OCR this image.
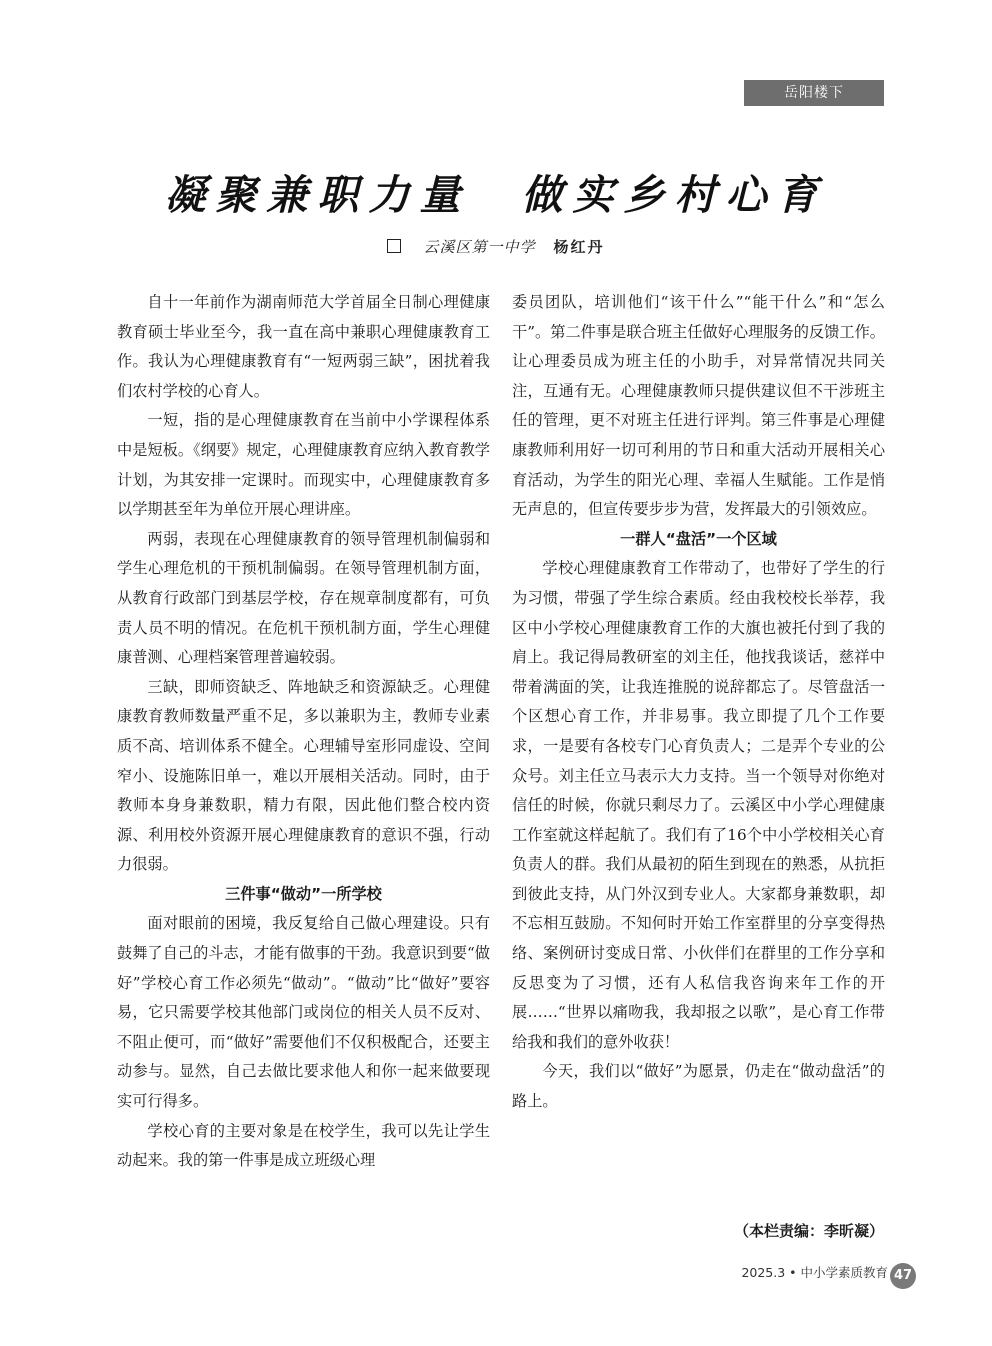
岳阳楼下
凝聚兼职力量　做实乡村心育
云溪区第一中学 杨红丹

自十一年前作为湖南师范大学首届全日制心理健康教育硕士毕业至今，我一直在高中兼职心理健康教育工作。我认为心理健康教育有“一短两弱三缺”，困扰着我们农村学校的心育人。

一短，指的是心理健康教育在当前中小学课程体系中是短板。《纲要》规定，心理健康教育应纳入教育教学计划，为其安排一定课时。而现实中，心理健康教育多以学期甚至年为单位开展心理讲座。

两弱，表现在心理健康教育的领导管理机制偏弱和学生心理危机的干预机制偏弱。在领导管理机制方面，从教育行政部门到基层学校，存在规章制度都有，可负责人员不明的情况。在危机干预机制方面，学生心理健康普测、心理档案管理普遍较弱。

三缺，即师资缺乏、阵地缺乏和资源缺乏。心理健康教育教师数量严重不足，多以兼职为主，教师专业素质不高、培训体系不健全。心理辅导室形同虚设、空间窄小、设施陈旧单一，难以开展相关活动。同时，由于教师本身身兼数职，精力有限，因此他们整合校内资源、利用校外资源开展心理健康教育的意识不强，行动力很弱。

三件事“做动”一所学校

面对眼前的困境，我反复给自己做心理建设。只有鼓舞了自己的斗志，才能有做事的干劲。我意识到要“做好”学校心育工作必须先“做动”。“做动”比“做好”要容易，它只需要学校其他部门或岗位的相关人员不反对、不阻止便可，而“做好”需要他们不仅积极配合，还要主动参与。显然，自己去做比要求他人和你一起来做要现实可行得多。

学校心育的主要对象是在校学生，我可以先让学生动起来。我的第一件事是成立班级心理

委员团队，培训他们“该干什么”“能干什么”和“怎么干”。第二件事是联合班主任做好心理服务的反馈工作。让心理委员成为班主任的小助手，对异常情况共同关注，互通有无。心理健康教师只提供建议但不干涉班主任的管理，更不对班主任进行评判。第三件事是心理健康教师利用好一切可利用的节日和重大活动开展相关心育活动，为学生的阳光心理、幸福人生赋能。工作是悄无声息的，但宣传要步步为营，发挥最大的引领效应。

一群人“盘活”一个区域

学校心理健康教育工作带动了，也带好了学生的行为习惯，带强了学生综合素质。经由我校校长举荐，我区中小学校心理健康教育工作的大旗也被托付到了我的肩上。我记得局教研室的刘主任，他找我谈话，慈祥中带着满面的笑，让我连推脱的说辞都忘了。尽管盘活一个区想心育工作，并非易事。我立即提了几个工作要求，一是要有各校专门心育负责人；二是弄个专业的公众号。刘主任立马表示大力支持。当一个领导对你绝对信任的时候，你就只剩尽力了。云溪区中小学心理健康工作室就这样起航了。我们有了16个中小学校相关心育负责人的群。我们从最初的陌生到现在的熟悉，从抗拒到彼此支持，从门外汉到专业人。大家都身兼数职，却不忘相互鼓励。不知何时开始工作室群里的分享变得热络、案例研讨变成日常、小伙伴们在群里的工作分享和反思变为了习惯，还有人私信我咨询来年工作的开展……“世界以痛吻我，我却报之以歌”，是心育工作带给我和我们的意外收获！

今天，我们以“做好”为愿景，仍走在“做动盘活”的路上。

（本栏责编：李昕凝）
2025.3 • 中小学素质教育 47
